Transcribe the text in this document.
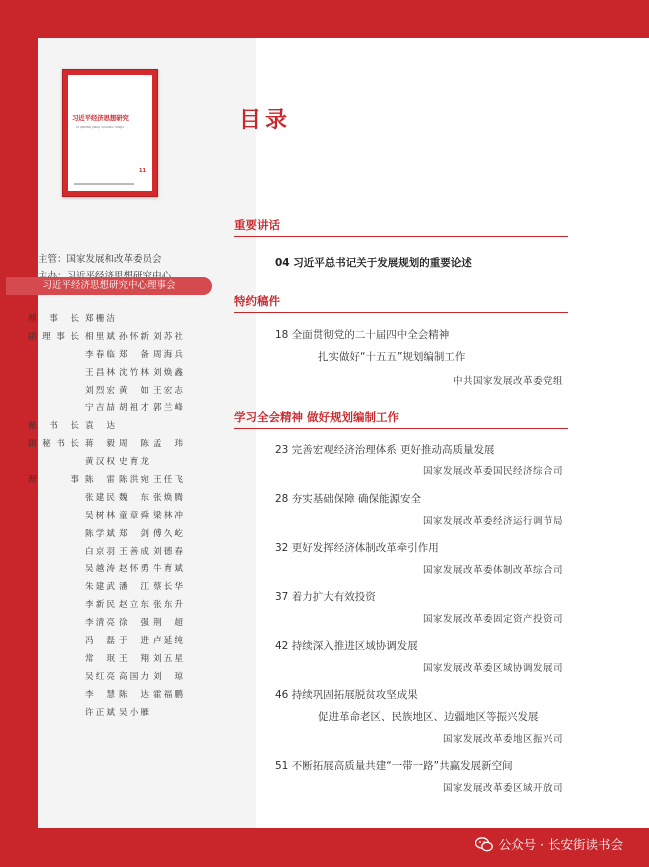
习近平经济思想研究
XI JINPING JINGJI SIXIANG YANJIU
11
主管：国家发展和改革委员会
习近平经济思想研究中心理事会
理事长 郑栅洁
副理事长 相里斌 孙怀新 刘苏社
李春临 郑备 周海兵
王昌林 沈竹林 刘焕鑫
刘烈宏 黄如 王宏志
宁吉喆 胡祖才 郭兰峰
秘书长 袁达
副秘书长 蒋毅 周陈 孟玮
黄汉权 史育龙
理事 陈雷 陈洪宛 王任飞
张建民 魏东 张焕腾
吴树林 童章舜 梁林冲
陈学斌 郑剑 傅久屹
白京羽 王善成 刘德春
吴越涛 赵怀勇 牛育斌
朱建武 潘江 蔡长华
李新民 赵立东 张东升
李清亮 徐强 荆超
冯磊 于进 卢延纯
常珉 王翔 刘五星
吴红亮 高国力 刘琼
李慧 陈达 霍福鹏
许正斌 吴小雁
目录
重要讲话
04 习近平总书记关于发展规划的重要论述
特约稿件
18 全面贯彻党的二十届四中全会精神
扎实做好“十五五”规划编制工作
中共国家发展改革委党组
学习全会精神 做好规划编制工作
23 完善宏观经济治理体系 更好推动高质量发展
国家发展改革委国民经济综合司
28 夯实基础保障 确保能源安全
国家发展改革委经济运行调节局
32 更好发挥经济体制改革牵引作用
国家发展改革委体制改革综合司
37 着力扩大有效投资
国家发展改革委固定资产投资司
42 持续深入推进区域协调发展
国家发展改革委区域协调发展司
46 持续巩固拓展脱贫攻坚成果
促进革命老区、民族地区、边疆地区等振兴发展
国家发展改革委地区振兴司
51 不断拓展高质量共建“一带一路”共赢发展新空间
国家发展改革委区域开放司
公众号 · 长安街读书会
